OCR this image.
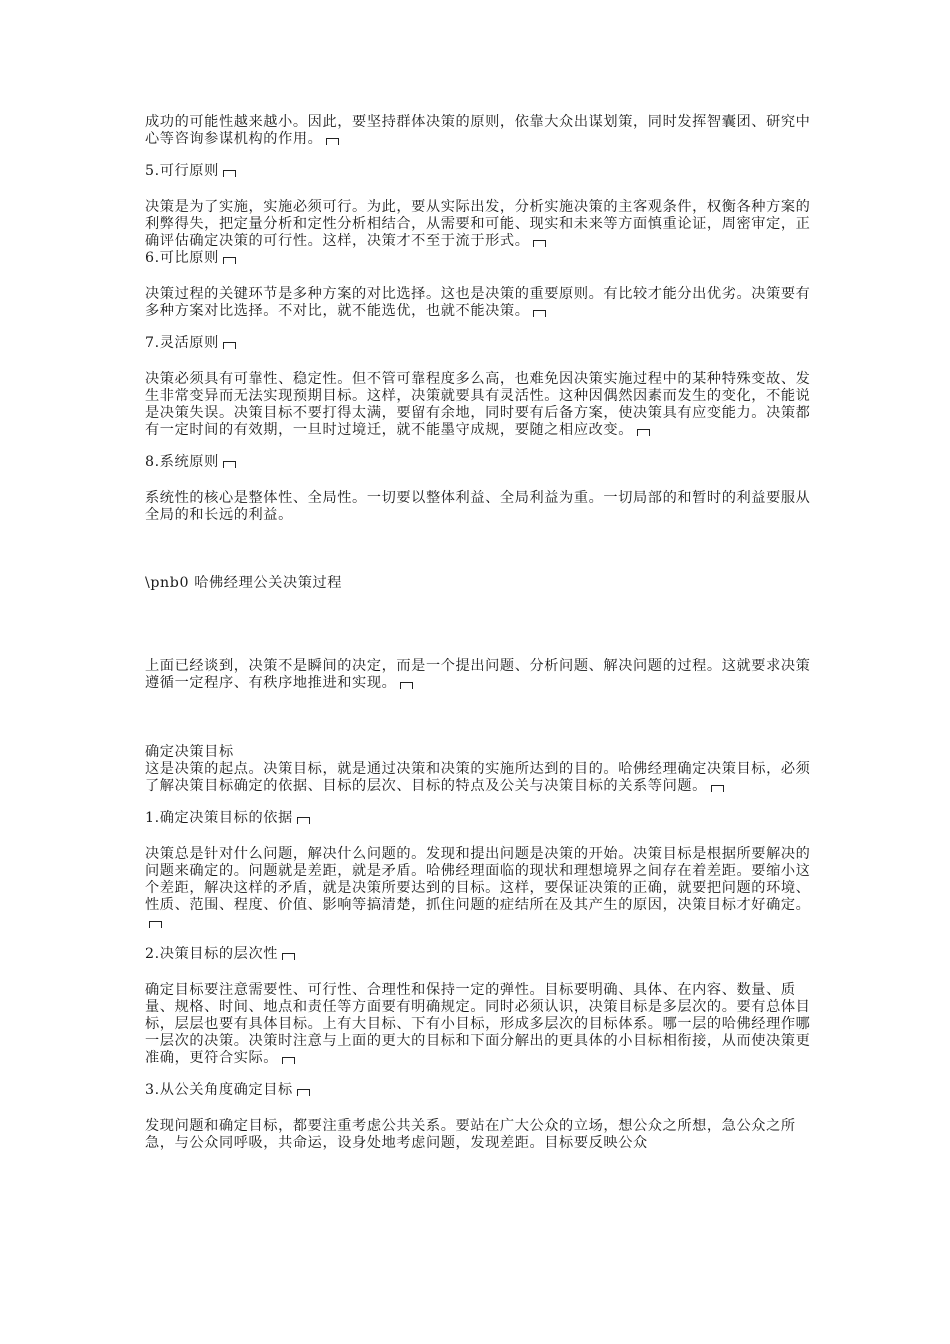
成功的可能性越来越小。因此，要坚持群体决策的原则，依靠大众出谋划策，同时发挥智囊团、研究中心等咨询参谋机构的作用。

5.可行原则

决策是为了实施，实施必须可行。为此，要从实际出发，分析实施决策的主客观条件，权衡各种方案的利弊得失，把定量分析和定性分析相结合，从需要和可能、现实和未来等方面慎重论证，周密审定，正确评估确定决策的可行性。这样，决策才不至于流于形式。

6.可比原则

决策过程的关键环节是多种方案的对比选择。这也是决策的重要原则。有比较才能分出优劣。决策要有多种方案对比选择。不对比，就不能选优，也就不能决策。

7.灵活原则

决策必须具有可靠性、稳定性。但不管可靠程度多么高，也难免因决策实施过程中的某种特殊变故、发生非常变异而无法实现预期目标。这样，决策就要具有灵活性。这种因偶然因素而发生的变化，不能说是决策失误。决策目标不要打得太满，要留有余地，同时要有后备方案，使决策具有应变能力。决策都有一定时间的有效期，一旦时过境迁，就不能墨守成规，要随之相应改变。

8.系统原则

系统性的核心是整体性、全局性。一切要以整体利益、全局利益为重。一切局部的和暂时的利益要服从全局的和长远的利益。

\pnb0 哈佛经理公关决策过程

上面已经谈到，决策不是瞬间的决定，而是一个提出问题、分析问题、解决问题的过程。这就要求决策遵循一定程序、有秩序地推进和实现。

确定决策目标

这是决策的起点。决策目标，就是通过决策和决策的实施所达到的目的。哈佛经理确定决策目标，必须了解决策目标确定的依据、目标的层次、目标的特点及公关与决策目标的关系等问题。

1.确定决策目标的依据

决策总是针对什么问题，解决什么问题的。发现和提出问题是决策的开始。决策目标是根据所要解决的问题来确定的。问题就是差距，就是矛盾。哈佛经理面临的现状和理想境界之间存在着差距。要缩小这个差距，解决这样的矛盾，就是决策所要达到的目标。这样，要保证决策的正确，就要把问题的环境、性质、范围、程度、价值、影响等搞清楚，抓住问题的症结所在及其产生的原因，决策目标才好确定。

2.决策目标的层次性

确定目标要注意需要性、可行性、合理性和保持一定的弹性。目标要明确、具体、在内容、数量、质量、规格、时间、地点和责任等方面要有明确规定。同时必须认识，决策目标是多层次的。要有总体目标，层层也要有具体目标。上有大目标、下有小目标，形成多层次的目标体系。哪一层的哈佛经理作哪一层次的决策。决策时注意与上面的更大的目标和下面分解出的更具体的小目标相衔接，从而使决策更准确，更符合实际。

3.从公关角度确定目标

发现问题和确定目标，都要注重考虑公共关系。要站在广大公众的立场，想公众之所想，急公众之所急，与公众同呼吸，共命运，设身处地考虑问题，发现差距。目标要反映公众
